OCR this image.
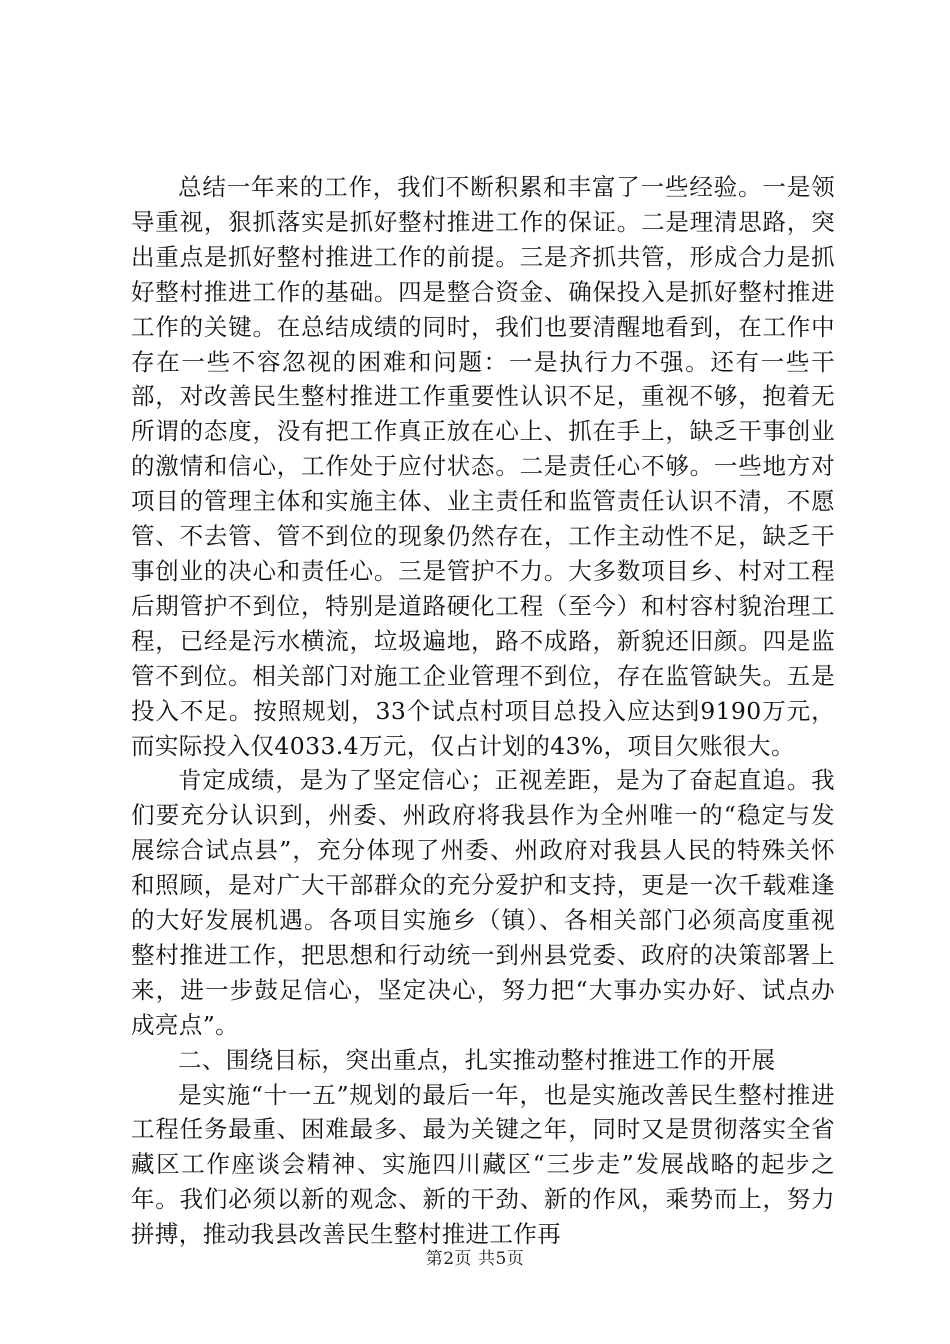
总结一年来的工作，我们不断积累和丰富了一些经验。一是领导重视，狠抓落实是抓好整村推进工作的保证。二是理清思路，突出重点是抓好整村推进工作的前提。三是齐抓共管，形成合力是抓好整村推进工作的基础。四是整合资金、确保投入是抓好整村推进工作的关键。在总结成绩的同时，我们也要清醒地看到，在工作中存在一些不容忽视的困难和问题：一是执行力不强。还有一些干部，对改善民生整村推进工作重要性认识不足，重视不够，抱着无所谓的态度，没有把工作真正放在心上、抓在手上，缺乏干事创业的激情和信心，工作处于应付状态。二是责任心不够。一些地方对项目的管理主体和实施主体、业主责任和监管责任认识不清，不愿管、不去管、管不到位的现象仍然存在，工作主动性不足，缺乏干事创业的决心和责任心。三是管护不力。大多数项目乡、村对工程后期管护不到位，特别是道路硬化工程（至今）和村容村貌治理工程，已经是污水横流，垃圾遍地，路不成路，新貌还旧颜。四是监管不到位。相关部门对施工企业管理不到位，存在监管缺失。五是投入不足。按照规划，33个试点村项目总投入应达到9190万元，而实际投入仅4033.4万元，仅占计划的43%，项目欠账很大。

肯定成绩，是为了坚定信心；正视差距，是为了奋起直追。我们要充分认识到，州委、州政府将我县作为全州唯一的“稳定与发展综合试点县”，充分体现了州委、州政府对我县人民的特殊关怀和照顾，是对广大干部群众的充分爱护和支持，更是一次千载难逢的大好发展机遇。各项目实施乡（镇）、各相关部门必须高度重视整村推进工作，把思想和行动统一到州县党委、政府的决策部署上来，进一步鼓足信心，坚定决心，努力把“大事办实办好、试点办成亮点”。

二、围绕目标，突出重点，扎实推动整村推进工作的开展

是实施“十一五”规划的最后一年，也是实施改善民生整村推进工程任务最重、困难最多、最为关键之年，同时又是贯彻落实全省藏区工作座谈会精神、实施四川藏区“三步走”发展战略的起步之年。我们必须以新的观念、新的干劲、新的作风，乘势而上，努力拼搏，推动我县改善民生整村推进工作再

第2页 共5页
